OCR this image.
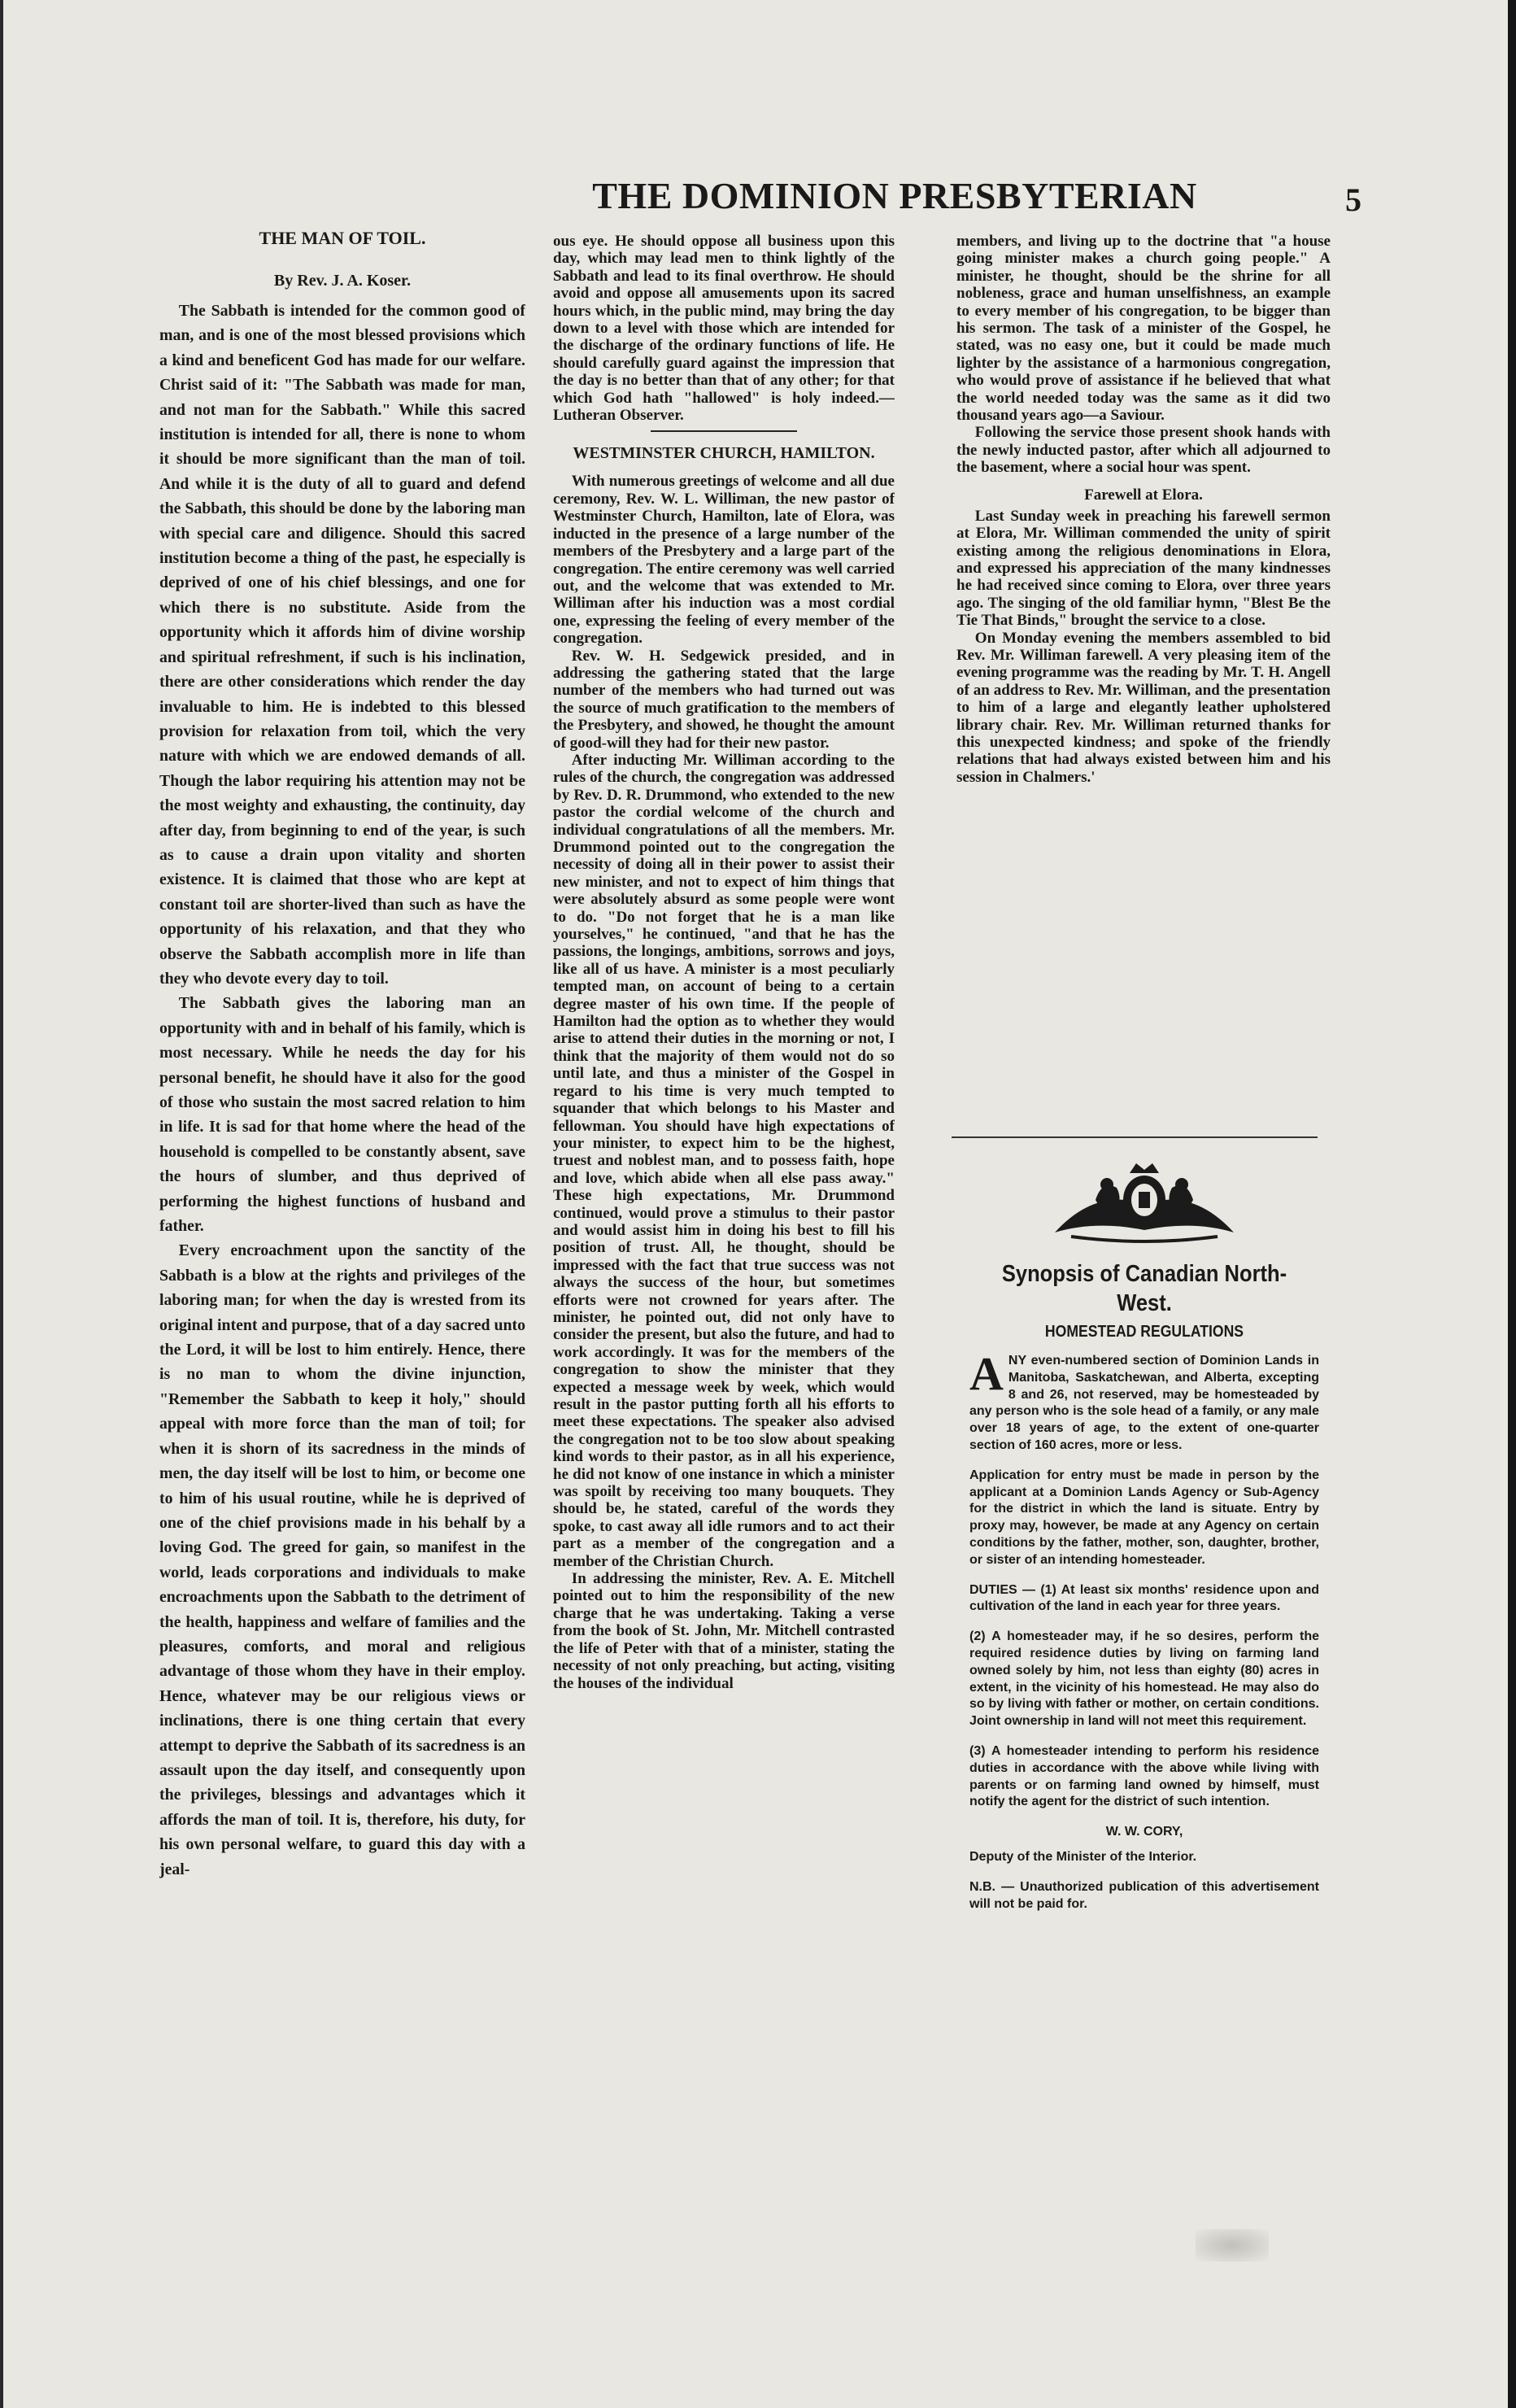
THE DOMINION PRESBYTERIAN	5
THE MAN OF TOIL.
By Rev. J. A. Koser.

The Sabbath is intended for the common good of man, and is one of the most blessed provisions which a kind and beneficent God has made for our welfare. Christ said of it: "The Sabbath was made for man, and not man for the Sabbath." While this sacred institution is intended for all, there is none to whom it should be more significant than the man of toil. And while it is the duty of all to guard and defend the Sabbath, this should be done by the laboring man with special care and diligence. Should this sacred institution become a thing of the past, he especially is deprived of one of his chief blessings, and one for which there is no substitute. Aside from the opportunity which it affords him of divine worship and spiritual refreshment, if such is his inclination, there are other considerations which render the day invaluable to him. He is indebted to this blessed provision for relaxation from toil, which the very nature with which we are endowed demands of all. Though the labor requiring his attention may not be the most weighty and exhausting, the continuity, day after day, from beginning to end of the year, is such as to cause a drain upon vitality and shorten existence. It is claimed that those who are kept at constant toil are shorter-lived than such as have the opportunity of his relaxation, and that they who observe the Sabbath accomplish more in life than they who devote every day to toil.

The Sabbath gives the laboring man an opportunity with and in behalf of his family, which is most necessary. While he needs the day for his personal benefit, he should have it also for the good of those who sustain the most sacred relation to him in life. It is sad for that home where the head of the household is compelled to be constantly absent, save the hours of slumber, and thus deprived of performing the highest functions of husband and father.

Every encroachment upon the sanctity of the Sabbath is a blow at the rights and privileges of the laboring man; for when the day is wrested from its original intent and purpose, that of a day sacred unto the Lord, it will be lost to him entirely. Hence, there is no man to whom the divine injunction, "Remember the Sabbath to keep it holy," should appeal with more force than the man of toil; for when it is shorn of its sacredness in the minds of men, the day itself will be lost to him, or become one to him of his usual routine, while he is deprived of one of the chief provisions made in his behalf by a loving God. The greed for gain, so manifest in the world, leads corporations and individuals to make encroachments upon the Sabbath to the detriment of the health, happiness and welfare of families and the pleasures, comforts, and moral and religious advantage of those whom they have in their employ. Hence, whatever may be our religious views or inclinations, there is one thing certain that every attempt to deprive the Sabbath of its sacredness is an assault upon the day itself, and consequently upon the privileges, blessings and advantages which it affords the man of toil. It is, therefore, his duty, for his own personal welfare, to guard this day with a jeal-

ous eye. He should oppose all business upon this day, which may lead men to think lightly of the Sabbath and lead to its final overthrow. He should avoid and oppose all amusements upon its sacred hours which, in the public mind, may bring the day down to a level with those which are intended for the discharge of the ordinary functions of life. He should carefully guard against the impression that the day is no better than that of any other; for that which God hath "hallowed" is holy indeed.—Lutheran Observer.

WESTMINSTER CHURCH, HAMILTON.

With numerous greetings of welcome and all due ceremony, Rev. W. L. Williman, the new pastor of Westminster Church, Hamilton, late of Elora, was inducted in the presence of a large number of the members of the Presbytery and a large part of the congregation. The entire ceremony was well carried out, and the welcome that was extended to Mr. Williman after his induction was a most cordial one, expressing the feeling of every member of the congregation.

Rev. W. H. Sedgewick presided, and in addressing the gathering stated that the large number of the members who had turned out was the source of much gratification to the members of the Presbytery, and showed, he thought the amount of good-will they had for their new pastor.

After inducting Mr. Williman according to the rules of the church, the congregation was addressed by Rev. D. R. Drummond, who extended to the new pastor the cordial welcome of the church and individual congratulations of all the members. Mr. Drummond pointed out to the congregation the necessity of doing all in their power to assist their new minister, and not to expect of him things that were absolutely absurd as some people were wont to do. "Do not forget that he is a man like yourselves," he continued, "and that he has the passions, the longings, ambitions, sorrows and joys, like all of us have. A minister is a most peculiarly tempted man, on account of being to a certain degree master of his own time. If the people of Hamilton had the option as to whether they would arise to attend their duties in the morning or not, I think that the majority of them would not do so until late, and thus a minister of the Gospel in regard to his time is very much tempted to squander that which belongs to his Master and fellowman. You should have high expectations of your minister, to expect him to be the highest, truest and noblest man, and to possess faith, hope and love, which abide when all else pass away." These high expectations, Mr. Drummond continued, would prove a stimulus to their pastor and would assist him in doing his best to fill his position of trust. All, he thought, should be impressed with the fact that true success was not always the success of the hour, but sometimes efforts were not crowned for years after. The minister, he pointed out, did not only have to consider the present, but also the future, and had to work accordingly. It was for the members of the congregation to show the minister that they expected a message week by week, which would result in the pastor putting forth all his efforts to meet these expectations. The speaker also advised the congregation not to be too slow about speaking kind words to their pastor, as in all his experience, he did not know of one instance in which a minister was spoilt by receiving too many bouquets. They should be, he stated, careful of the words they spoke, to cast away all idle rumors and to act their part as a member of the congregation and a member of the Christian Church.

In addressing the minister, Rev. A. E. Mitchell pointed out to him the responsibility of the new charge that he was undertaking. Taking a verse from the book of St. John, Mr. Mitchell contrasted the life of Peter with that of a minister, stating the necessity of not only preaching, but acting, visiting the houses of the individual

members, and living up to the doctrine that "a house going minister makes a church going people." A minister, he thought, should be the shrine for all nobleness, grace and human unselfishness, an example to every member of his congregation, to be bigger than his sermon. The task of a minister of the Gospel, he stated, was no easy one, but it could be made much lighter by the assistance of a harmonious congregation, who would prove of assistance if he believed that what the world needed today was the same as it did two thousand years ago—a Saviour.

Following the service those present shook hands with the newly inducted pastor, after which all adjourned to the basement, where a social hour was spent.

Farewell at Elora.

Last Sunday week in preaching his farewell sermon at Elora, Mr. Williman commended the unity of spirit existing among the religious denominations in Elora, and expressed his appreciation of the many kindnesses he had received since coming to Elora, over three years ago. The singing of the old familiar hymn, "Blest Be the Tie That Binds," brought the service to a close.

On Monday evening the members assembled to bid Rev. Mr. Williman farewell. A very pleasing item of the evening programme was the reading by Mr. T. H. Angell of an address to Rev. Mr. Williman, and the presentation to him of a large and elegantly leather upholstered library chair. Rev. Mr. Williman returned thanks for this unexpected kindness; and spoke of the friendly relations that had always existed between him and his session in Chalmers.'

Synopsis of Canadian North-West.
HOMESTEAD REGULATIONS

ANY even-numbered section of Dominion Lands in Manitoba, Saskatchewan, and Alberta, excepting 8 and 26, not reserved, may be homesteaded by any person who is the sole head of a family, or any male over 18 years of age, to the extent of one-quarter section of 160 acres, more or less.

Application for entry must be made in person by the applicant at a Dominion Lands Agency or Sub-Agency for the district in which the land is situate. Entry by proxy may, however, be made at any Agency on certain conditions by the father, mother, son, daughter, brother, or sister of an intending homesteader.

DUTIES — (1) At least six months' residence upon and cultivation of the land in each year for three years.

(2) A homesteader may, if he so desires, perform the required residence duties by living on farming land owned solely by him, not less than eighty (80) acres in extent, in the vicinity of his homestead. He may also do so by living with father or mother, on certain conditions. Joint ownership in land will not meet this requirement.

(3) A homesteader intending to perform his residence duties in accordance with the above while living with parents or on farming land owned by himself, must notify the agent for the district of such intention.

W. W. CORY,

Deputy of the Minister of the Interior.

N.B. — Unauthorized publication of this advertisement will not be paid for.
